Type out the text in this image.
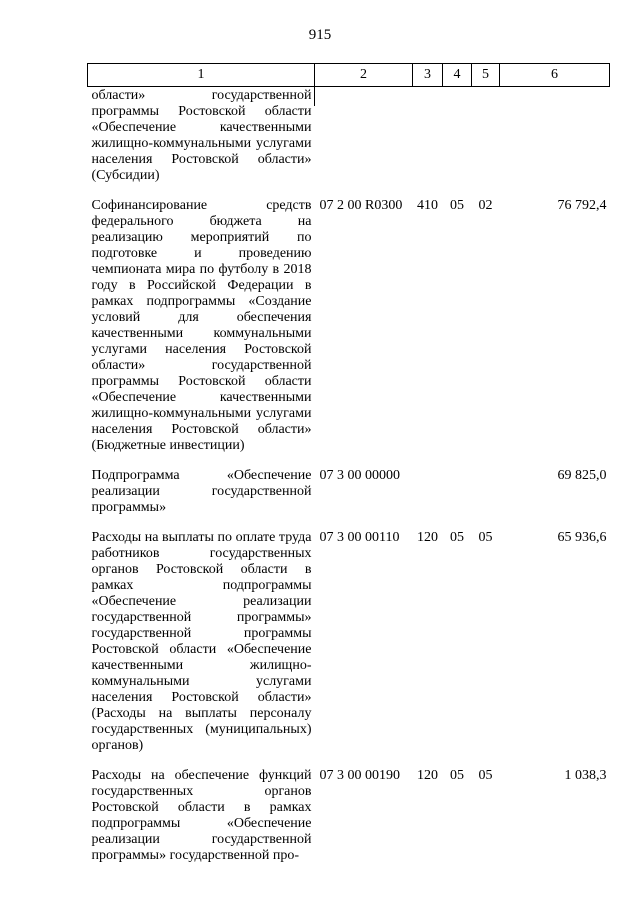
915
1	2	3	4	5	6
области» государственной программы Ростовской области «Обеспечение качественными жилищно-коммунальными услугами населения Ростовской области» (Субсидии)					
Софинансирование средств федерального бюджета на реализацию мероприятий по подготовке и проведению чемпионата мира по футболу в 2018 году в Российской Федерации в рамках подпрограммы «Создание условий для обеспечения качественными коммунальными услугами населения Ростовской области» государственной программы Ростовской области «Обеспечение качественными жилищно-коммунальными услугами населения Ростовской области» (Бюджетные инвестиции)	07 2 00 R0300	410	05	02	76 792,4
Подпрограмма «Обеспечение реализации государственной программы»	07 3 00 00000				69 825,0
Расходы на выплаты по оплате труда работников государственных органов Ростовской области в рамках подпрограммы «Обеспечение реализации государственной программы» государственной программы Ростовской области «Обеспечение качественными жилищно-коммунальными услугами населения Ростовской области» (Расходы на выплаты персоналу государственных (муниципальных) органов)	07 3 00 00110	120	05	05	65 936,6
Расходы на обеспечение функций государственных органов Ростовской области в рамках подпрограммы «Обеспечение реализации государственной программы» государственной про-	07 3 00 00190	120	05	05	1 038,3
